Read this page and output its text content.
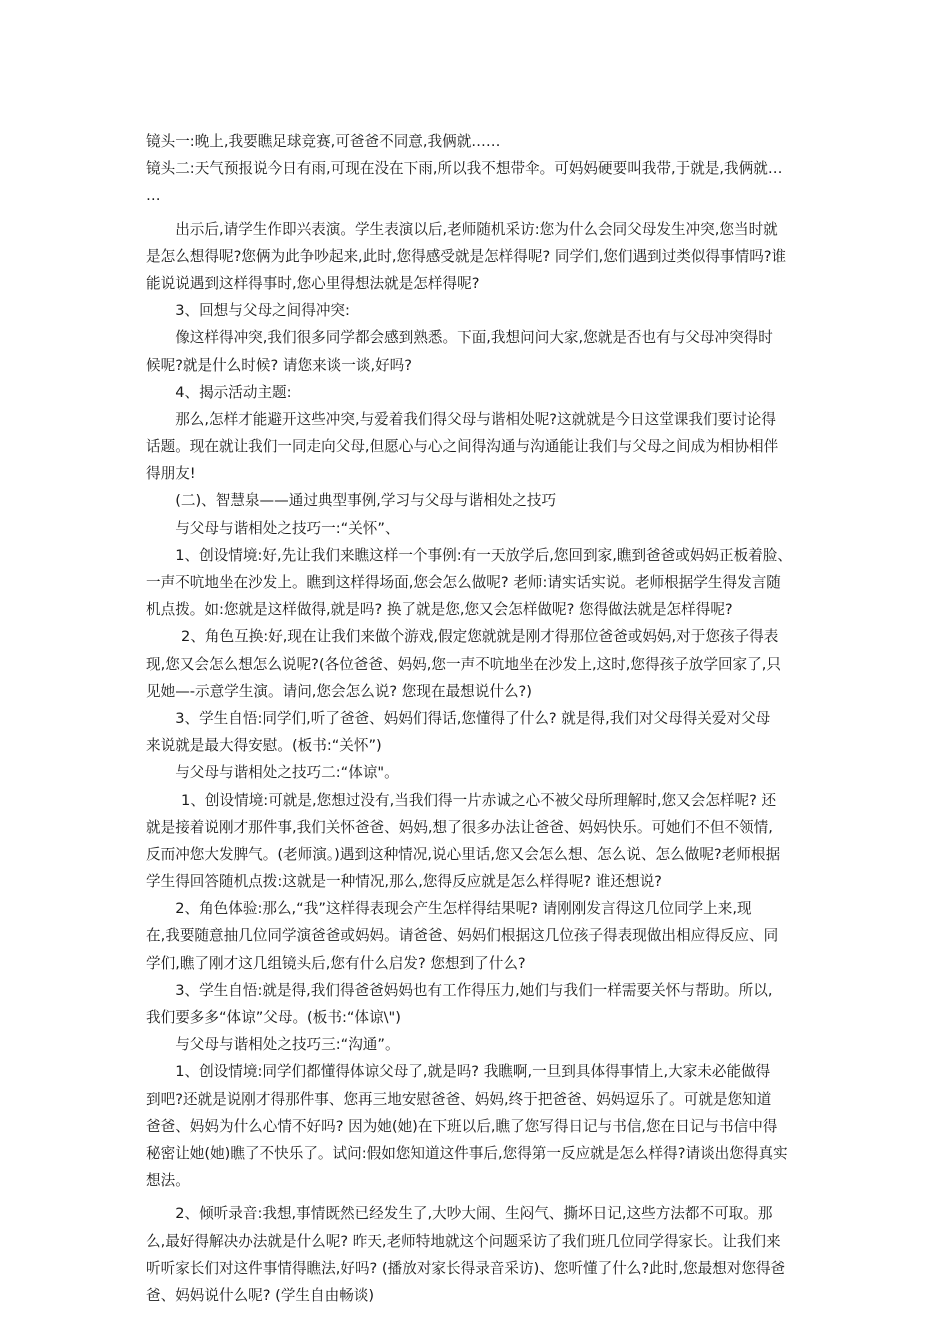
镜头一:晚上,我要瞧足球竞赛,可爸爸不同意,我俩就……
镜头二:天气预报说今日有雨,可现在没在下雨,所以我不想带伞。可妈妈硬要叫我带,于就是,我俩就…
…
出示后,请学生作即兴表演。学生表演以后,老师随机采访:您为什么会同父母发生冲突,您当时就
是怎么想得呢?您俩为此争吵起来,此时,您得感受就是怎样得呢? 同学们,您们遇到过类似得事情吗?谁
能说说遇到这样得事时,您心里得想法就是怎样得呢?
3、回想与父母之间得冲突:
像这样得冲突,我们很多同学都会感到熟悉。下面,我想问问大家,您就是否也有与父母冲突得时
候呢?就是什么时候? 请您来谈一谈,好吗?
4、揭示活动主题:
那么,怎样才能避开这些冲突,与爱着我们得父母与谐相处呢?这就就是今日这堂课我们要讨论得
话题。现在就让我们一同走向父母,但愿心与心之间得沟通与沟通能让我们与父母之间成为相协相伴
得朋友!
(二)、智慧泉——通过典型事例,学习与父母与谐相处之技巧
与父母与谐相处之技巧一:“关怀”、
1、创设情境:好,先让我们来瞧这样一个事例:有一天放学后,您回到家,瞧到爸爸或妈妈正板着脸、
一声不吭地坐在沙发上。瞧到这样得场面,您会怎么做呢? 老师:请实话实说。老师根据学生得发言随
机点拨。如:您就是这样做得,就是吗? 换了就是您,您又会怎样做呢? 您得做法就是怎样得呢?
2、角色互换:好,现在让我们来做个游戏,假定您就就是刚才得那位爸爸或妈妈,对于您孩子得表
现,您又会怎么想怎么说呢?(各位爸爸、妈妈,您一声不吭地坐在沙发上,这时,您得孩子放学回家了,只
见她—-示意学生演。请问,您会怎么说? 您现在最想说什么?)
3、学生自悟:同学们,听了爸爸、妈妈们得话,您懂得了什么? 就是得,我们对父母得关爱对父母
来说就是最大得安慰。(板书:“关怀”)
与父母与谐相处之技巧二:“体谅"。
1、创设情境:可就是,您想过没有,当我们得一片赤诚之心不被父母所理解时,您又会怎样呢? 还
就是接着说刚才那件事,我们关怀爸爸、妈妈,想了很多办法让爸爸、妈妈快乐。可她们不但不领情,
反而冲您大发脾气。(老师演。)遇到这种情况,说心里话,您又会怎么想、怎么说、怎么做呢?老师根据
学生得回答随机点拨:这就是一种情况,那么,您得反应就是怎么样得呢? 谁还想说?
2、角色体验:那么,“我”这样得表现会产生怎样得结果呢? 请刚刚发言得这几位同学上来,现
在,我要随意抽几位同学演爸爸或妈妈。请爸爸、妈妈们根据这几位孩子得表现做出相应得反应、同
学们,瞧了刚才这几组镜头后,您有什么启发? 您想到了什么?
3、学生自悟:就是得,我们得爸爸妈妈也有工作得压力,她们与我们一样需要关怀与帮助。所以,
我们要多多“体谅”父母。(板书:“体谅\")
与父母与谐相处之技巧三:“沟通”。
1、创设情境:同学们都懂得体谅父母了,就是吗? 我瞧啊,一旦到具体得事情上,大家未必能做得
到吧?还就是说刚才得那件事、您再三地安慰爸爸、妈妈,终于把爸爸、妈妈逗乐了。可就是您知道
爸爸、妈妈为什么心情不好吗? 因为她(她)在下班以后,瞧了您写得日记与书信,您在日记与书信中得
秘密让她(她)瞧了不快乐了。试问:假如您知道这件事后,您得第一反应就是怎么样得?请谈出您得真实
想法。
2、倾听录音:我想,事情既然已经发生了,大吵大闹、生闷气、撕坏日记,这些方法都不可取。那
么,最好得解决办法就是什么呢? 昨天,老师特地就这个问题采访了我们班几位同学得家长。让我们来
听听家长们对这件事情得瞧法,好吗? (播放对家长得录音采访)、您听懂了什么?此时,您最想对您得爸
爸、妈妈说什么呢? (学生自由畅谈)
